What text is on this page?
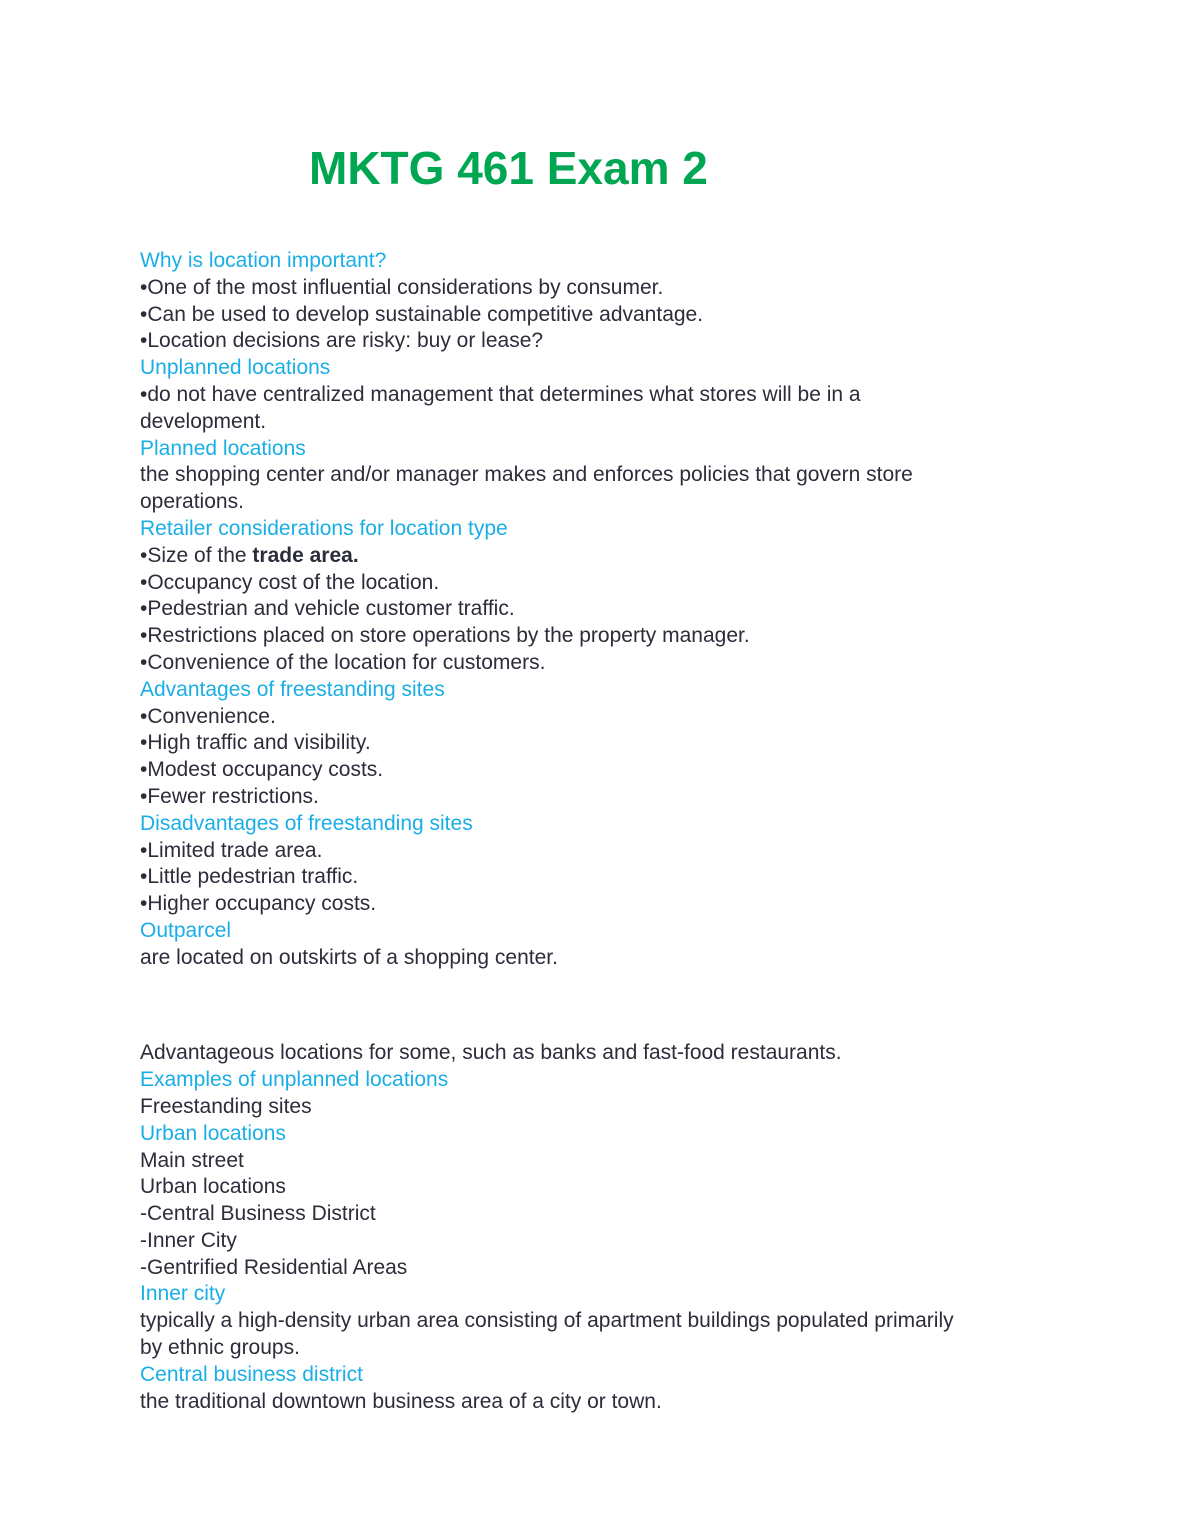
MKTG 461 Exam 2

Why is location important?

•One of the most influential considerations by consumer.

•Can be used to develop sustainable competitive advantage.

•Location decisions are risky: buy or lease?

Unplanned locations

•do not have centralized management that determines what stores will be in a

development.

Planned locations

the shopping center and/or manager makes and enforces policies that govern store

operations.

Retailer considerations for location type

•Size of the trade area.

•Occupancy cost of the location.

•Pedestrian and vehicle customer traffic.

•Restrictions placed on store operations by the property manager.

•Convenience of the location for customers.

Advantages of freestanding sites

•Convenience.

•High traffic and visibility.

•Modest occupancy costs.

•Fewer restrictions.

Disadvantages of freestanding sites

•Limited trade area.

•Little pedestrian traffic.

•Higher occupancy costs.

Outparcel

are located on outskirts of a shopping center.

Advantageous locations for some, such as banks and fast-food restaurants.

Examples of unplanned locations

Freestanding sites

Urban locations

Main street

Urban locations

-Central Business District

-Inner City

-Gentrified Residential Areas

Inner city

typically a high-density urban area consisting of apartment buildings populated primarily

by ethnic groups.

Central business district

the traditional downtown business area of a city or town.
